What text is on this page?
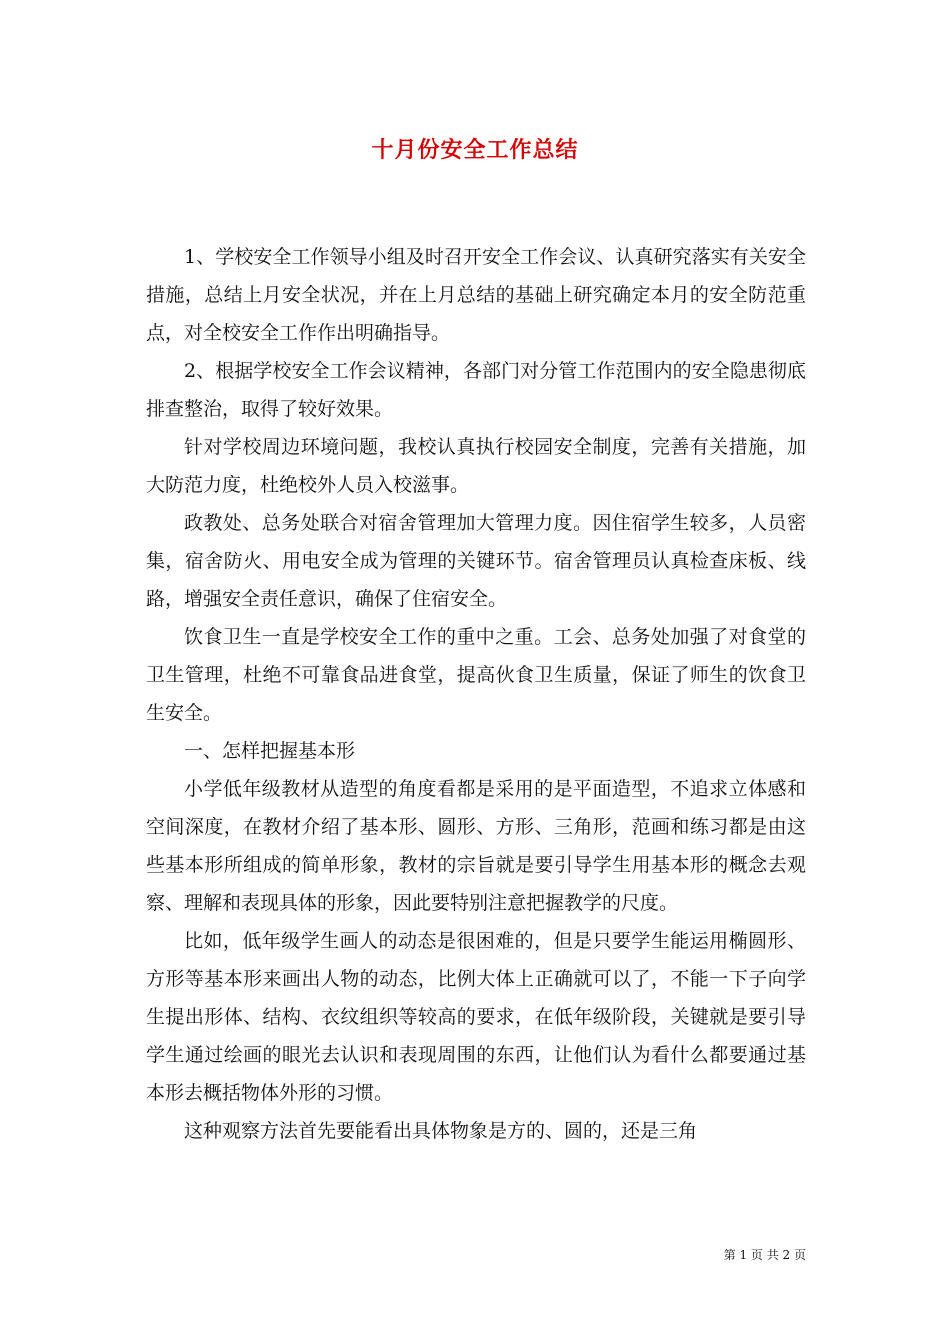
十月份安全工作总结

1、学校安全工作领导小组及时召开安全工作会议、认真研究落实有关安全措施，总结上月安全状况，并在上月总结的基础上研究确定本月的安全防范重点，对全校安全工作作出明确指导。

2、根据学校安全工作会议精神，各部门对分管工作范围内的安全隐患彻底排查整治，取得了较好效果。

针对学校周边环境问题，我校认真执行校园安全制度，完善有关措施，加大防范力度，杜绝校外人员入校滋事。

政教处、总务处联合对宿舍管理加大管理力度。因住宿学生较多，人员密集，宿舍防火、用电安全成为管理的关键环节。宿舍管理员认真检查床板、线路，增强安全责任意识，确保了住宿安全。

饮食卫生一直是学校安全工作的重中之重。工会、总务处加强了对食堂的卫生管理，杜绝不可靠食品进食堂，提高伙食卫生质量，保证了师生的饮食卫生安全。

一、怎样把握基本形

小学低年级教材从造型的角度看都是采用的是平面造型，不追求立体感和空间深度，在教材介绍了基本形、圆形、方形、三角形，范画和练习都是由这些基本形所组成的简单形象，教材的宗旨就是要引导学生用基本形的概念去观察、理解和表现具体的形象，因此要特别注意把握教学的尺度。

比如，低年级学生画人的动态是很困难的，但是只要学生能运用椭圆形、方形等基本形来画出人物的动态，比例大体上正确就可以了，不能一下子向学生提出形体、结构、衣纹组织等较高的要求，在低年级阶段，关键就是要引导学生通过绘画的眼光去认识和表现周围的东西，让他们认为看什么都要通过基本形去概括物体外形的习惯。

这种观察方法首先要能看出具体物象是方的、圆的，还是三角

第 1 页 共 2 页
